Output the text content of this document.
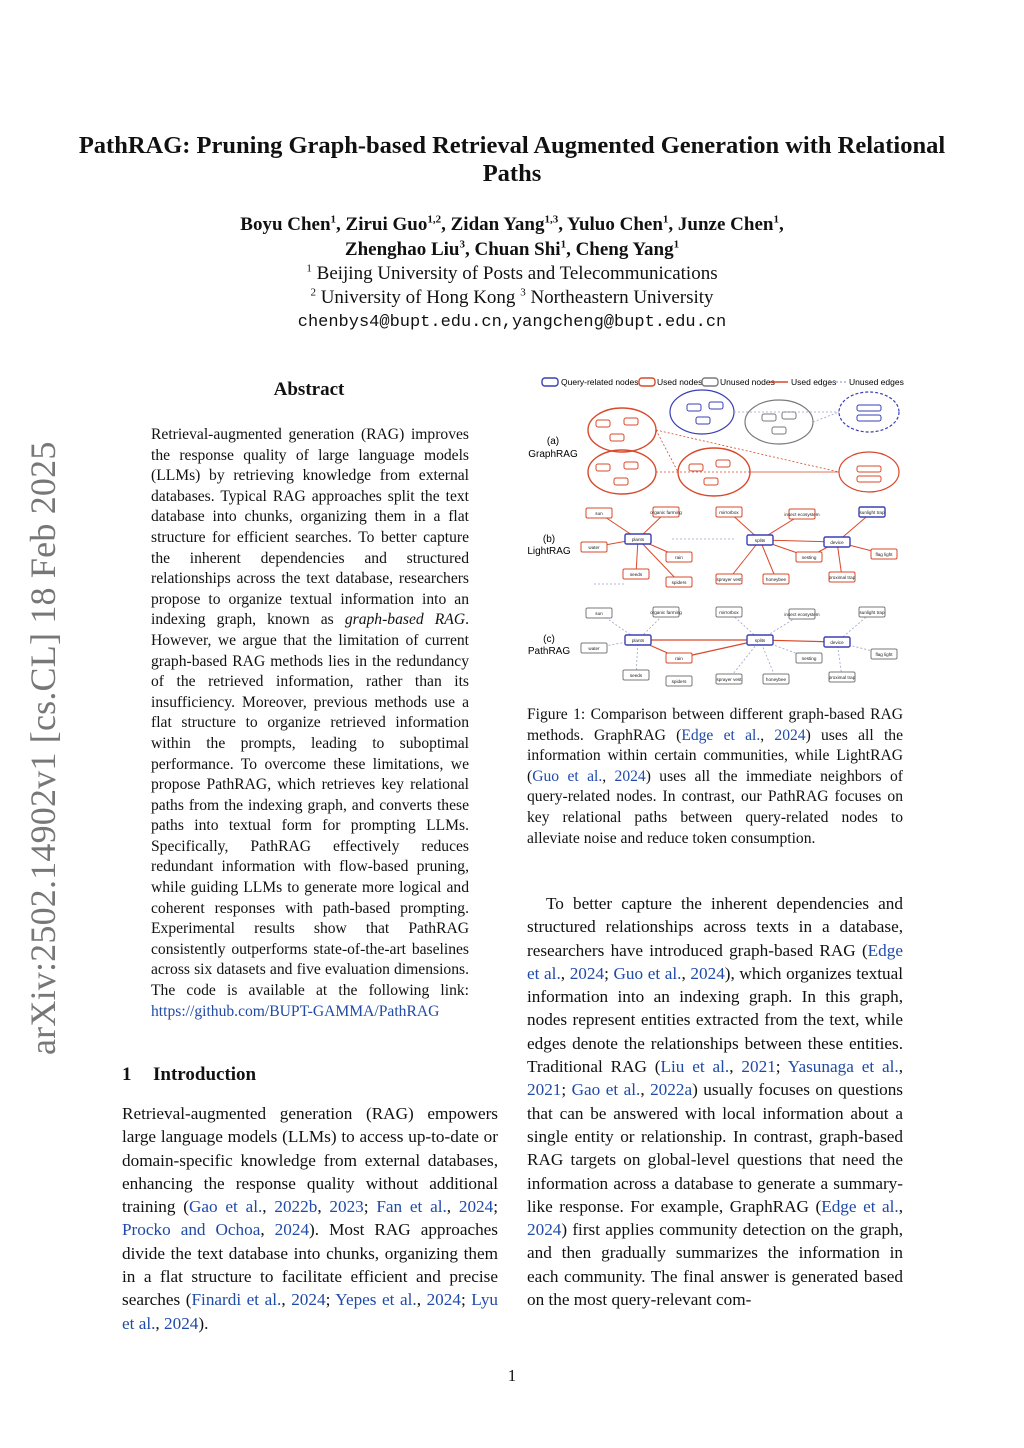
PathRAG: Pruning Graph-based Retrieval Augmented Generation with Relational Paths
Boyu Chen$^1$, Zirui Guo$^{1,2}$, Zidan Yang$^{1,3}$, Yuluo Chen$^1$, Junze Chen$^1$,
Zhenghao Liu$^3$, Chuan Shi$^1$, Cheng Yang$^1$
$^1$ Beijing University of Posts and Telecommunications
$^2$ University of Hong Kong $^3$ Northeastern University
chenbys4@bupt.edu.cn,yangcheng@bupt.edu.cn
arXiv:2502.14902v1 [cs.CL] 18 Feb 2025
Abstract
Retrieval-augmented generation (RAG) improves the response quality of large language models (LLMs) by retrieving knowledge from external databases. Typical RAG approaches split the text database into chunks, organizing them in a flat structure for efficient searches. To better capture the inherent dependencies and structured relationships across the text database, researchers propose to organize textual information into an indexing graph, known as graph-based RAG. However, we argue that the limitation of current graph-based RAG methods lies in the redundancy of the retrieved information, rather than its insufficiency. Moreover, previous methods use a flat structure to organize retrieved information within the prompts, leading to suboptimal performance. To overcome these limitations, we propose PathRAG, which retrieves key relational paths from the indexing graph, and converts these paths into textual form for prompting LLMs. Specifically, PathRAG effectively reduces redundant information with flow-based pruning, while guiding LLMs to generate more logical and coherent responses with path-based prompting. Experimental results show that PathRAG consistently outperforms state-of-the-art baselines across six datasets and five evaluation dimensions. The code is available at the following link: https://github.com/BUPT-GAMMA/PathRAG
1 Introduction
Retrieval-augmented generation (RAG) empowers large language models (LLMs) to access up-to-date or domain-specific knowledge from external databases, enhancing the response quality without additional training (Gao et al., 2022b, 2023; Fan et al., 2024; Procko and Ochoa, 2024). Most RAG approaches divide the text database into chunks, organizing them in a flat structure to facilitate efficient and precise searches (Finardi et al., 2024; Yepes et al., 2024; Lyu et al., 2024).
Query-related nodes Used nodes Unused nodes Used edges Unused edges
(a)
GraphRAG
(b)
LightRAG
(c)
PathRAG
sun	organic farming	mirrorbox	insect ecosystem	sunlight trap
water
plants	splits	device
flag light
seeds
rain	nesting
proximal trap
spiders
sprayer vest	honeybee
sun	organic farming	mirrorbox	insect ecosystem	sunlight trap
water
plants	splits	device
flag light
rain	nesting
seeds
spiders	sprayer vest	honeybee	proximal trap
Figure 1: Comparison between different graph-based RAG methods. GraphRAG (Edge et al., 2024) uses all the information within certain communities, while LightRAG (Guo et al., 2024) uses all the immediate neighbors of query-related nodes. In contrast, our PathRAG focuses on key relational paths between query-related nodes to alleviate noise and reduce token consumption.
To better capture the inherent dependencies and structured relationships across texts in a database, researchers have introduced graph-based RAG (Edge et al., 2024; Guo et al., 2024), which organizes textual information into an indexing graph. In this graph, nodes represent entities extracted from the text, while edges denote the relationships between these entities. Traditional RAG (Liu et al., 2021; Yasunaga et al., 2021; Gao et al., 2022a) usually focuses on questions that can be answered with local information about a single entity or relationship. In contrast, graph-based RAG targets on global-level questions that need the information across a database to generate a summary-like response. For example, GraphRAG (Edge et al., 2024) first applies community detection on the graph, and then gradually summarizes the information in each community. The final answer is generated based on the most query-relevant com-
1
